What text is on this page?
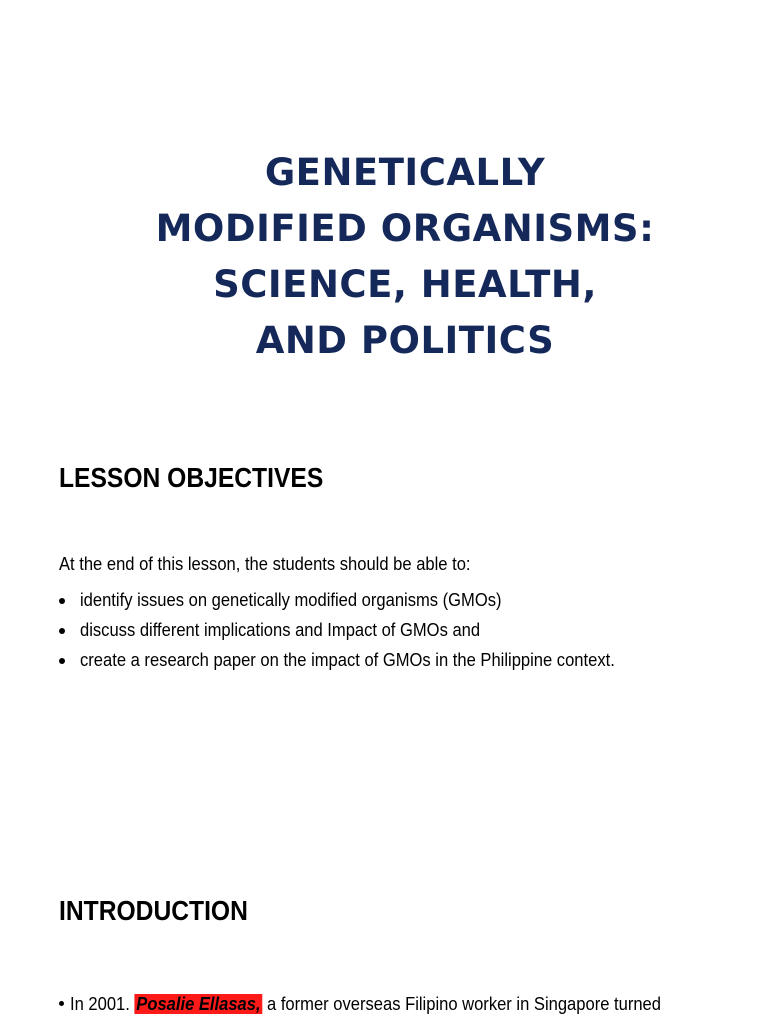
GENETICALLY
MODIFIED ORGANISMS:
SCIENCE, HEALTH,
AND POLITICS
LESSON OBJECTIVES

At the end of this lesson, the students should be able to:

identify issues on genetically modified organisms (GMOs)
discuss different implications and Impact of GMOs and
create a research paper on the impact of GMOs in the Philippine context.
INTRODUCTION

In 2001. Posalie Ellasas, a former overseas Filipino worker in Singapore turned
